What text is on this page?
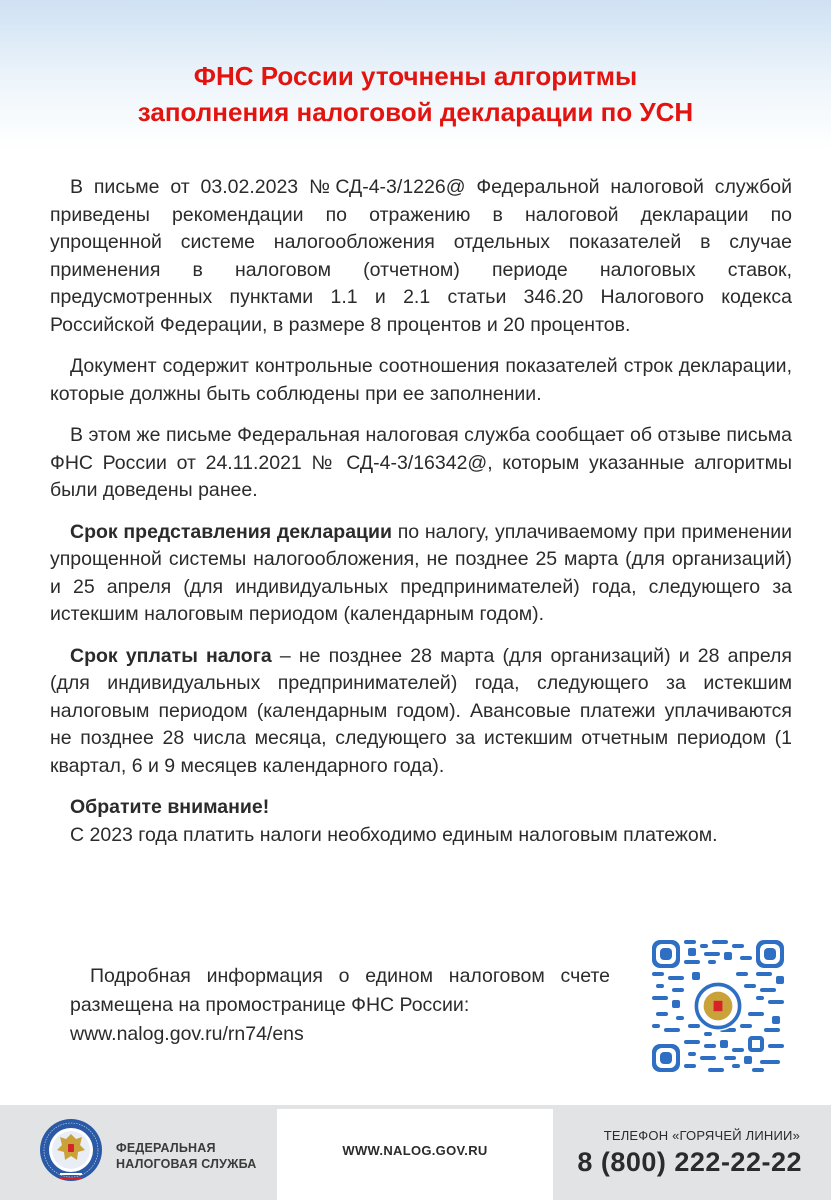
ФНС России уточнены алгоритмы
заполнения налоговой декларации по УСН

В письме от 03.02.2023 №СД-4-3/1226@ Федеральной налоговой службой приведены рекомендации по отражению в налоговой декларации по упрощенной системе налогообложения отдельных показателей в случае применения в налоговом (отчетном) периоде налоговых ставок, предусмотренных пунктами 1.1 и 2.1 статьи 346.20 Налогового кодекса Российской Федерации, в размере 8 процентов и 20 процентов.

Документ содержит контрольные соотношения показателей строк декларации, которые должны быть соблюдены при ее заполнении.

В этом же письме Федеральная налоговая служба сообщает об отзыве письма ФНС России от 24.11.2021 № СД-4-3/16342@, которым указанные алгоритмы были доведены ранее.

Срок представления декларации по налогу, уплачиваемому при применении упрощенной системы налогообложения, не позднее 25 марта (для организаций) и 25 апреля (для индивидуальных предпринимателей) года, следующего за истекшим налоговым периодом (календарным годом).

Срок уплаты налога – не позднее 28 марта (для организаций) и 28 апреля (для индивидуальных предпринимателей) года, следующего за истекшим налоговым периодом (календарным годом). Авансовые платежи уплачиваются не позднее 28 числа месяца, следующего за истекшим отчетным периодом (1 квартал, 6 и 9 месяцев календарного года).

Обратите внимание!
С 2023 года платить налоги необходимо единым налоговым платежом.
Подробная информация о едином налоговом счете размещена на промостранице ФНС России:
www.nalog.gov.ru/rn74/ens
ФЕДЕРАЛЬНАЯ
НАЛОГОВАЯ СЛУЖБА
WWW.NALOG.GOV.RU
ТЕЛЕФОН «ГОРЯЧЕЙ ЛИНИИ»
8 (800) 222-22-22
